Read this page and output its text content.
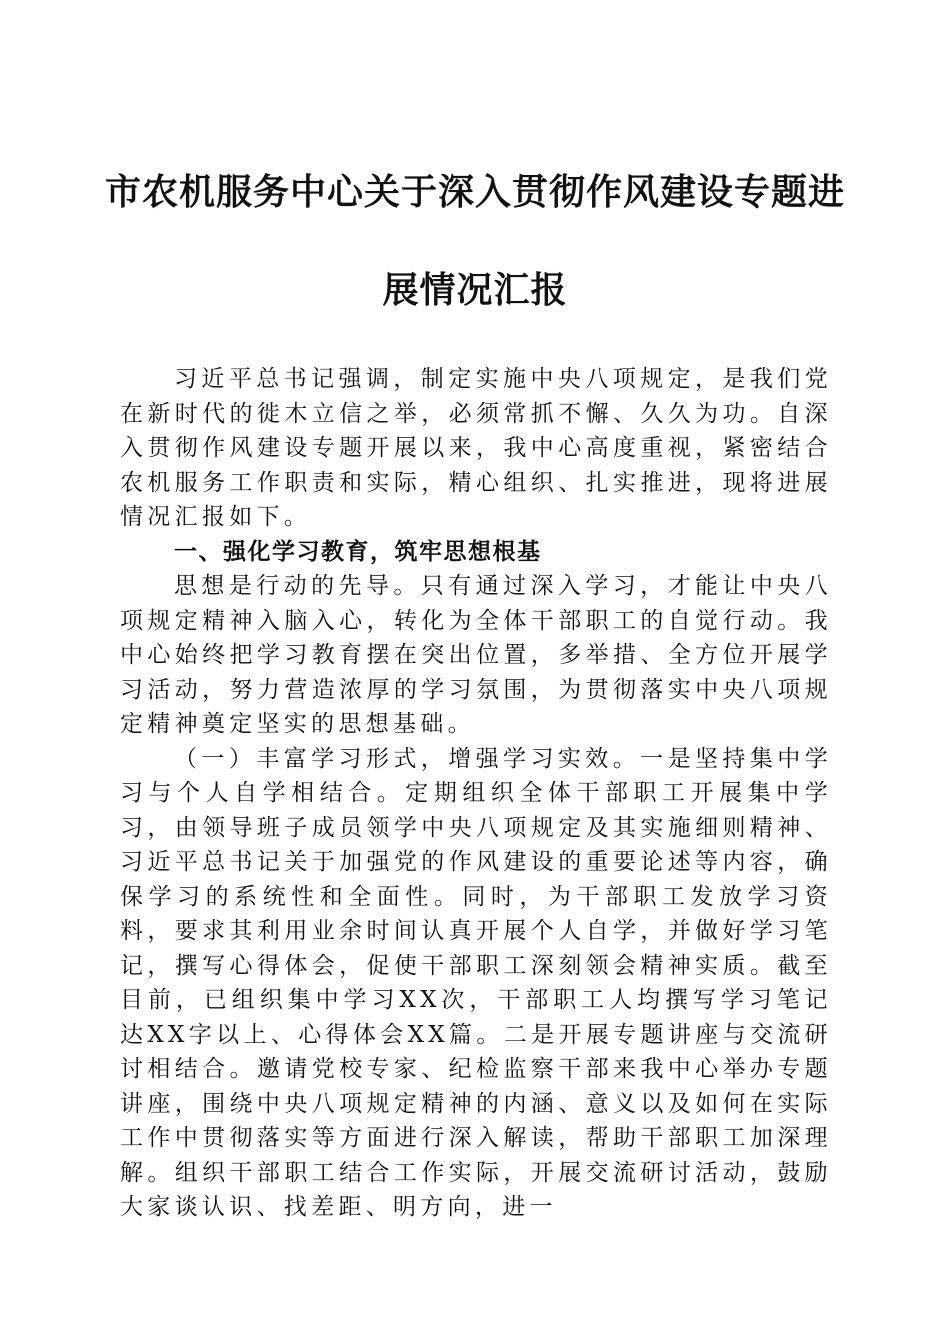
市农机服务中心关于深入贯彻作风建设专题进
展情况汇报

习近平总书记强调，制定实施中央八项规定，是我们党在新时代的徙木立信之举，必须常抓不懈、久久为功。自深入贯彻作风建设专题开展以来，我中心高度重视，紧密结合农机服务工作职责和实际，精心组织、扎实推进，现将进展情况汇报如下。

一、强化学习教育，筑牢思想根基

思想是行动的先导。只有通过深入学习，才能让中央八项规定精神入脑入心，转化为全体干部职工的自觉行动。我中心始终把学习教育摆在突出位置，多举措、全方位开展学习活动，努力营造浓厚的学习氛围，为贯彻落实中央八项规定精神奠定坚实的思想基础。

（一）丰富学习形式，增强学习实效。一是坚持集中学习与个人自学相结合。定期组织全体干部职工开展集中学习，由领导班子成员领学中央八项规定及其实施细则精神、习近平总书记关于加强党的作风建设的重要论述等内容，确保学习的系统性和全面性。同时，为干部职工发放学习资料，要求其利用业余时间认真开展个人自学，并做好学习笔记，撰写心得体会，促使干部职工深刻领会精神实质。截至目前，已组织集中学习XX次，干部职工人均撰写学习笔记达XX字以上、心得体会XX篇。二是开展专题讲座与交流研讨相结合。邀请党校专家、纪检监察干部来我中心举办专题讲座，围绕中央八项规定精神的内涵、意义以及如何在实际工作中贯彻落实等方面进行深入解读，帮助干部职工加深理解。组织干部职工结合工作实际，开展交流研讨活动，鼓励大家谈认识、找差距、明方向，进一
